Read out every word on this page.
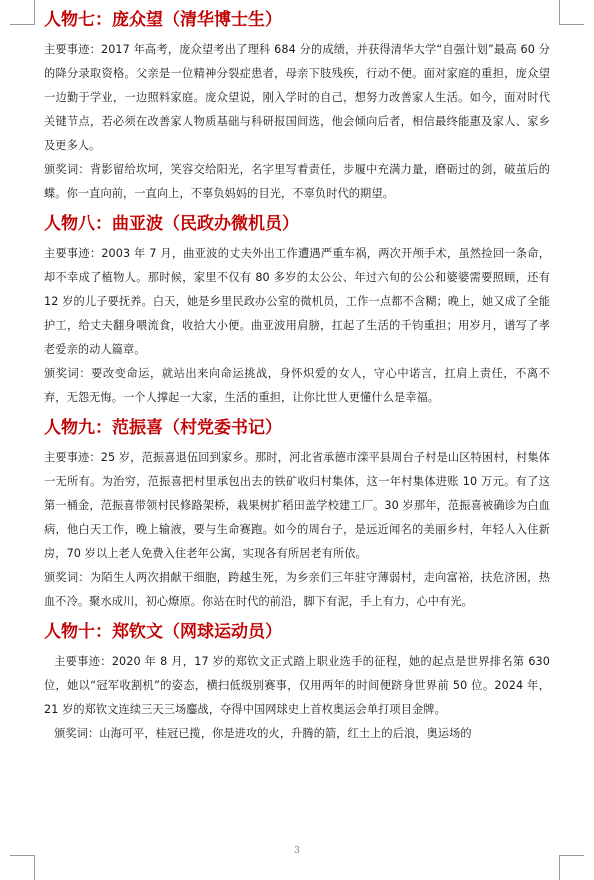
人物七：庞众望（清华博士生）

主要事迹：2017 年高考，庞众望考出了理科 684 分的成绩，并获得清华大学“自强计划”最高 60 分的降分录取资格。父亲是一位精神分裂症患者，母亲下肢残疾，行动不便。面对家庭的重担，庞众望一边勤于学业，一边照料家庭。庞众望说，刚入学时的自己，想努力改善家人生活。如今，面对时代关键节点，若必须在改善家人物质基础与科研报国间选，他会倾向后者，相信最终能惠及家人、家乡及更多人。

颁奖词：背影留给坎坷，笑容交给阳光，名字里写着责任，步履中充满力量，磨砺过的剑，破茧后的蝶。你一直向前，一直向上，不辜负妈妈的目光，不辜负时代的期望。

人物八：曲亚波（民政办微机员）

主要事迹：2003 年 7 月，曲亚波的丈夫外出工作遭遇严重车祸，两次开颅手术，虽然捡回一条命，却不幸成了植物人。那时候，家里不仅有 80 多岁的太公公、年过六旬的公公和婆婆需要照顾，还有 12 岁的儿子要抚养。白天，她是乡里民政办公室的微机员，工作一点都不含糊；晚上，她又成了全能护工，给丈夫翻身喂流食，收拾大小便。曲亚波用肩膀，扛起了生活的千钧重担；用岁月，谱写了孝老爱亲的动人篇章。

颁奖词：要改变命运，就站出来向命运挑战，身怀炽爱的女人，守心中诺言，扛肩上责任，不离不弃，无怨无悔。一个人撑起一大家，生活的重担，让你比世人更懂什么是幸福。

人物九：范振喜（村党委书记）

主要事迹：25 岁，范振喜退伍回到家乡。那时，河北省承德市滦平县周台子村是山区特困村，村集体一无所有。为治穷，范振喜把村里承包出去的铁矿收归村集体，这一年村集体进账 10 万元。有了这第一桶金，范振喜带领村民修路架桥，栽果树扩稻田盖学校建工厂。30 岁那年，范振喜被确诊为白血病，他白天工作，晚上输液，要与生命赛跑。如今的周台子，是远近闻名的美丽乡村，年轻人入住新房，70 岁以上老人免费入住老年公寓，实现各有所居老有所依。

颁奖词：为陌生人两次捐献干细胞，跨越生死，为乡亲们三年驻守薄弱村，走向富裕，扶危济困，热血不冷。聚水成川，初心燎原。你站在时代的前沿，脚下有泥，手上有力，心中有光。

人物十：郑钦文（网球运动员）

主要事迹：2020 年 8 月，17 岁的郑钦文正式踏上职业选手的征程，她的起点是世界排名第 630 位，她以“冠军收割机”的姿态，横扫低级别赛事，仅用两年的时间便跻身世界前 50 位。2024 年，21 岁的郑钦文连续三天三场鏖战，夺得中国网球史上首枚奥运会单打项目金牌。

颁奖词：山海可平，桂冠已揽，你是进攻的火，升腾的箭，红土上的后浪，奥运场的

3
